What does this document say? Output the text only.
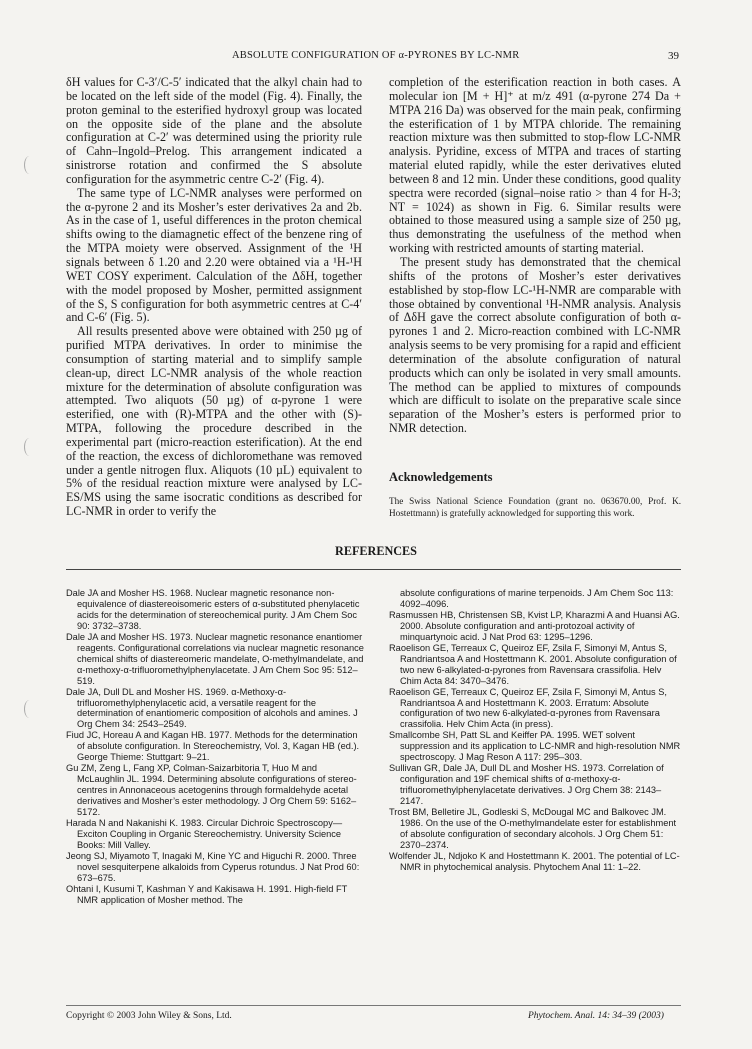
ABSOLUTE CONFIGURATION OF α-PYRONES BY LC-NMR	39

δH values for C-3′/C-5′ indicated that the alkyl chain had to be located on the left side of the model (Fig. 4). Finally, the proton geminal to the esterified hydroxyl group was located on the opposite side of the plane and the absolute configuration at C-2′ was determined using the priority rule of Cahn–Ingold–Prelog. This arrangement indicated a sinistrorse rotation and confirmed the S absolute configuration for the asymmetric centre C-2′ (Fig. 4).

The same type of LC-NMR analyses were performed on the α-pyrone 2 and its Mosher’s ester derivatives 2a and 2b. As in the case of 1, useful differences in the proton chemical shifts owing to the diamagnetic effect of the benzene ring of the MTPA moiety were observed. Assignment of the ¹H signals between δ 1.20 and 2.20 were obtained via a ¹H-¹H WET COSY experiment. Calculation of the ΔδH, together with the model proposed by Mosher, permitted assignment of the S, S configuration for both asymmetric centres at C-4′ and C-6′ (Fig. 5).

All results presented above were obtained with 250 µg of purified MTPA derivatives. In order to minimise the consumption of starting material and to simplify sample clean-up, direct LC-NMR analysis of the whole reaction mixture for the determination of absolute configuration was attempted. Two aliquots (50 µg) of α-pyrone 1 were esterified, one with (R)-MTPA and the other with (S)-MTPA, following the procedure described in the experimental part (micro-reaction esterification). At the end of the reaction, the excess of dichloromethane was removed under a gentle nitrogen flux. Aliquots (10 µL) equivalent to 5% of the residual reaction mixture were analysed by LC-ES/MS using the same isocratic conditions as described for LC-NMR in order to verify the

completion of the esterification reaction in both cases. A molecular ion [M + H]⁺ at m/z 491 (α-pyrone 274 Da + MTPA 216 Da) was observed for the main peak, confirming the esterification of 1 by MTPA chloride. The remaining reaction mixture was then submitted to stop-flow LC-NMR analysis. Pyridine, excess of MTPA and traces of starting material eluted rapidly, while the ester derivatives eluted between 8 and 12 min. Under these conditions, good quality spectra were recorded (signal–noise ratio > than 4 for H-3; NT = 1024) as shown in Fig. 6. Similar results were obtained to those measured using a sample size of 250 µg, thus demonstrating the usefulness of the method when working with restricted amounts of starting material.

The present study has demonstrated that the chemical shifts of the protons of Mosher’s ester derivatives established by stop-flow LC-¹H-NMR are comparable with those obtained by conventional ¹H-NMR analysis. Analysis of ΔδH gave the correct absolute configuration of both α-pyrones 1 and 2. Micro-reaction combined with LC-NMR analysis seems to be very promising for a rapid and efficient determination of the absolute configuration of natural products which can only be isolated in very small amounts. The method can be applied to mixtures of compounds which are difficult to isolate on the preparative scale since separation of the Mosher’s esters is performed prior to NMR detection.

Acknowledgements
The Swiss National Science Foundation (grant no. 063670.00, Prof. K. Hostettmann) is gratefully acknowledged for supporting this work.
REFERENCES
Dale JA and Mosher HS. 1968. Nuclear magnetic resonance non-equivalence of diastereoisomeric esters of α-substituted phenylacetic acids for the determination of stereochemical purity. J Am Chem Soc 90: 3732–3738.
Dale JA and Mosher HS. 1973. Nuclear magnetic resonance enantiomer reagents. Configurational correlations via nuclear magnetic resonance chemical shifts of diastereomeric mandelate, O-methylmandelate, and α-methoxy-α-trifluoromethylphenylacetate. J Am Chem Soc 95: 512–519.
Dale JA, Dull DL and Mosher HS. 1969. α-Methoxy-α-trifluoromethylphenylacetic acid, a versatile reagent for the determination of enantiomeric composition of alcohols and amines. J Org Chem 34: 2543–2549.
Fiud JC, Horeau A and Kagan HB. 1977. Methods for the determination of absolute configuration. In Stereochemistry, Vol. 3, Kagan HB (ed.). George Thieme: Stuttgart: 9–21.
Gu ZM, Zeng L, Fang XP, Colman-Saizarbitoria T, Huo M and McLaughlin JL. 1994. Determining absolute configurations of stereo-centres in Annonaceous acetogenins through formaldehyde acetal derivatives and Mosher’s ester methodology. J Org Chem 59: 5162–5172.
Harada N and Nakanishi K. 1983. Circular Dichroic Spectroscopy—Exciton Coupling in Organic Stereochemistry. University Science Books: Mill Valley.
Jeong SJ, Miyamoto T, Inagaki M, Kine YC and Higuchi R. 2000. Three novel sesquiterpene alkaloids from Cyperus rotundus. J Nat Prod 60: 673–675.
Ohtani I, Kusumi T, Kashman Y and Kakisawa H. 1991. High-field FT NMR application of Mosher method. The
absolute configurations of marine terpenoids. J Am Chem Soc 113: 4092–4096.
Rasmussen HB, Christensen SB, Kvist LP, Kharazmi A and Huansi AG. 2000. Absolute configuration and anti-protozoal activity of minquartynoic acid. J Nat Prod 63: 1295–1296.
Raoelison GE, Terreaux C, Queiroz EF, Zsila F, Simonyi M, Antus S, Randriantsoa A and Hostettmann K. 2001. Absolute configuration of two new 6-alkylated-α-pyrones from Ravensara crassifolia. Helv Chim Acta 84: 3470–3476.
Raoelison GE, Terreaux C, Queiroz EF, Zsila F, Simonyi M, Antus S, Randriantsoa A and Hostettmann K. 2003. Erratum: Absolute configuration of two new 6-alkylated-α-pyrones from Ravensara crassifolia. Helv Chim Acta (in press).
Smallcombe SH, Patt SL and Keiffer PA. 1995. WET solvent suppression and its application to LC-NMR and high-resolution NMR spectroscopy. J Mag Reson A 117: 295–303.
Sullivan GR, Dale JA, Dull DL and Mosher HS. 1973. Correlation of configuration and 19F chemical shifts of α-methoxy-α-trifluoromethylphenylacetate derivatives. J Org Chem 38: 2143–2147.
Trost BM, Belletire JL, Godleski S, McDougal MC and Balkovec JM. 1986. On the use of the O-methylmandelate ester for establishment of absolute configuration of secondary alcohols. J Org Chem 51: 2370–2374.
Wolfender JL, Ndjoko K and Hostettmann K. 2001. The potential of LC-NMR in phytochemical analysis. Phytochem Anal 11: 1–22.
Copyright © 2003 John Wiley & Sons, Ltd.	Phytochem. Anal. 14: 34–39 (2003)
